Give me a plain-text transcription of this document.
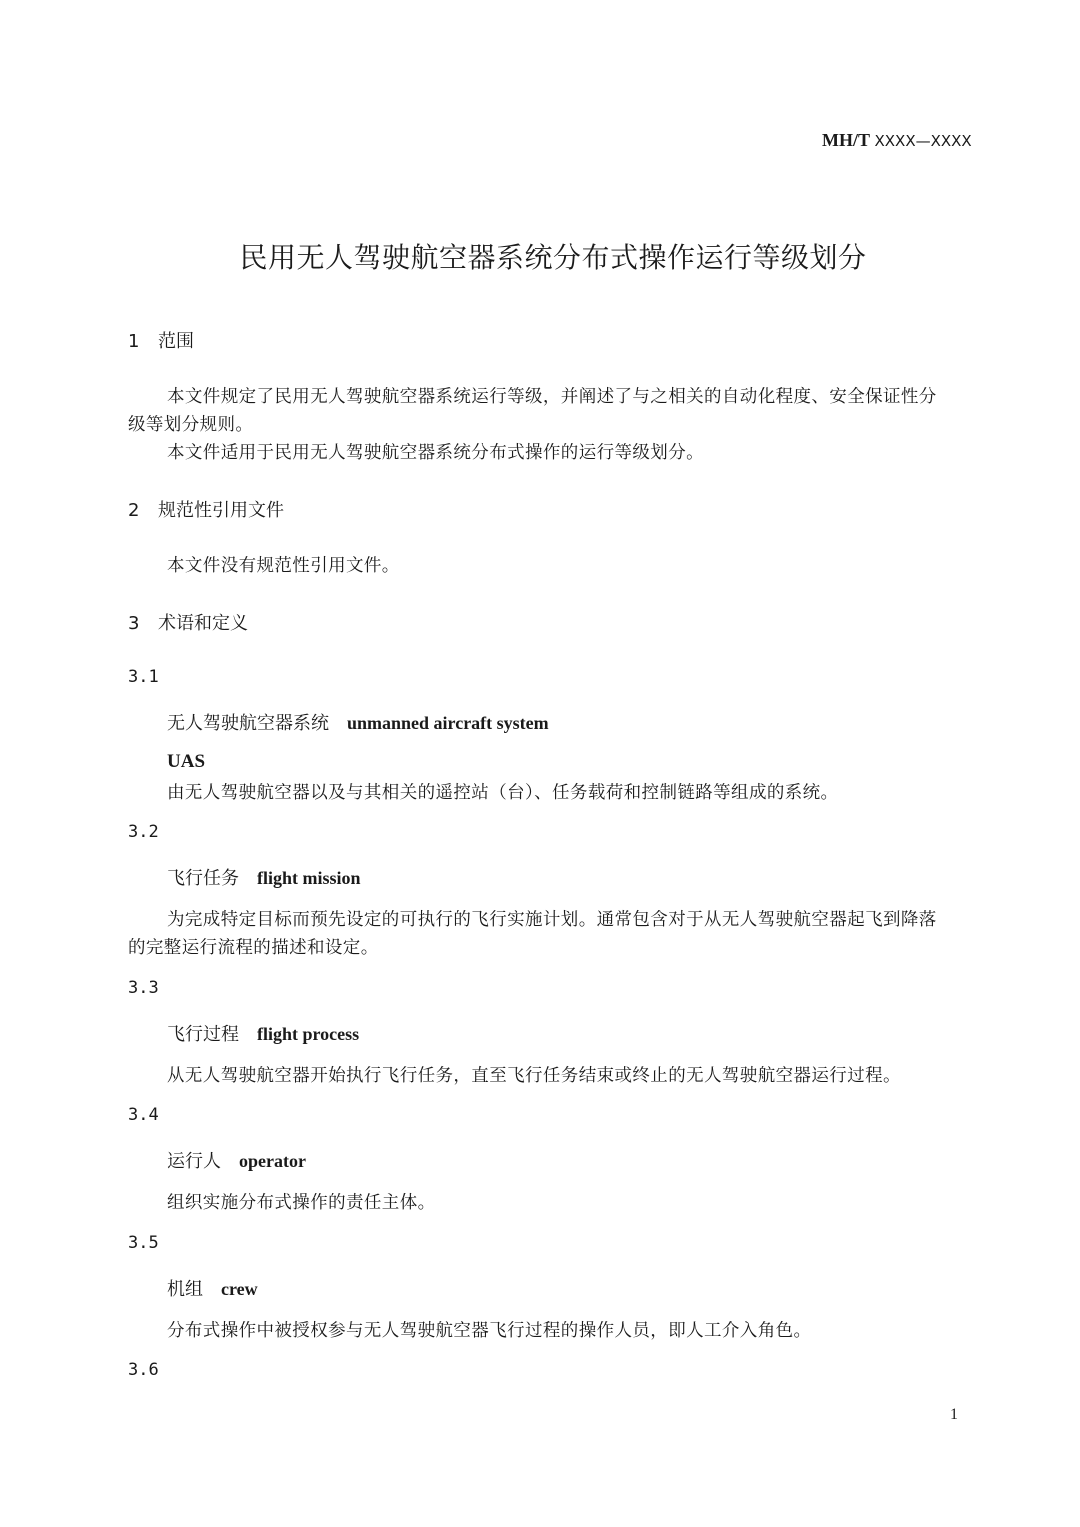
MH/T XXXX—XXXX
民用无人驾驶航空器系统分布式操作运行等级划分
1 范围
本文件规定了民用无人驾驶航空器系统运行等级，并阐述了与之相关的自动化程度、安全保证性分
级等划分规则。
本文件适用于民用无人驾驶航空器系统分布式操作的运行等级划分。
2 规范性引用文件
本文件没有规范性引用文件。
3 术语和定义
3.1
无人驾驶航空器系统 unmanned aircraft system
UAS
由无人驾驶航空器以及与其相关的遥控站（台）、任务载荷和控制链路等组成的系统。
3.2
飞行任务 flight mission
为完成特定目标而预先设定的可执行的飞行实施计划。通常包含对于从无人驾驶航空器起飞到降落
的完整运行流程的描述和设定。
3.3
飞行过程 flight process
从无人驾驶航空器开始执行飞行任务，直至飞行任务结束或终止的无人驾驶航空器运行过程。
3.4
运行人 operator
组织实施分布式操作的责任主体。
3.5
机组 crew
分布式操作中被授权参与无人驾驶航空器飞行过程的操作人员，即人工介入角色。
3.6
1
